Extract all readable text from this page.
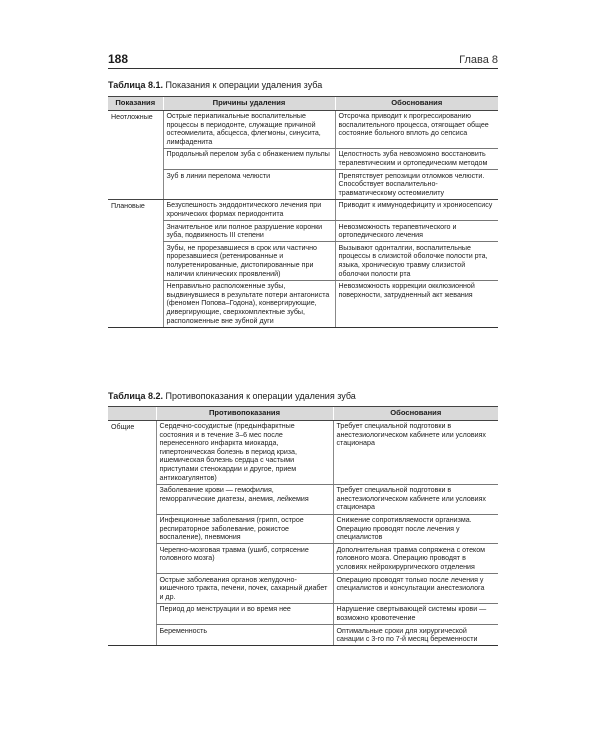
188	Глава 8
Таблица 8.1. Показания к операции удаления зуба
Показания	Причины удаления	Обоснования
Неотложные	Острые периапикальные воспалительные процессы в периодонте, служащие причиной остеомиелита, абсцесса, флегмоны, синусита, лимфаденита	Отсрочка приводит к прогрессированию воспалительного процесса, отягощает общее состояние больного вплоть до сепсиса
	Продольный перелом зуба с обнажением пульпы	Целостность зуба невозможно восстановить терапевтическим и ортопедическим методом
	Зуб в линии перелома челюсти	Препятствует репозиции отломков челюсти. Способствует воспалительно-травматическому остеомиелиту
Плановые	Безуспешность эндодонтического лечения при хронических формах периодонтита	Приводит к иммунодефициту и хрониосепсису
	Значительное или полное разрушение коронки зуба, подвижность III степени	Невозможность терапевтического и ортопедического лечения
	Зубы, не прорезавшиеся в срок или частично прорезавшиеся (ретенированные и полуретенированные, дистопированные при наличии клинических проявлений)	Вызывают одонталгии, воспалительные процессы в слизистой оболочке полости рта, языка, хроническую травму слизистой оболочки полости рта
	Неправильно расположенные зубы, выдвинувшиеся в результате потери антагониста (феномен Попова–Годона), конвергирующие, дивергирующие, сверхкомплектные зубы, расположенные вне зубной дуги	Невозможность коррекции окклюзионной поверхности, затрудненный акт жевания
Таблица 8.2. Противопоказания к операции удаления зуба
	Противопоказания	Обоснования
Общие	Сердечно-сосудистые (предынфарктные состояния и в течение 3–6 мес после перенесенного инфаркта миокарда, гипертоническая болезнь в период криза, ишемическая болезнь сердца с частыми приступами стенокардии и другое, прием антикоагулянтов)	Требует специальной подготовки в анестезиологическом кабинете или условиях стационара
	Заболевание крови — гемофилия, геморрагические диатезы, анемия, лейкемия	Требует специальной подготовки в анестезиологическом кабинете или условиях стационара
	Инфекционные заболевания (грипп, острое респираторное заболевание, рожистое воспаление), пневмония	Снижение сопротивляемости организма. Операцию проводят после лечения у специалистов
	Черепно-мозговая травма (ушиб, сотрясение головного мозга)	Дополнительная травма сопряжена с отеком головного мозга. Операцию проводят в условиях нейрохирургического отделения
	Острые заболевания органов желудочно-кишечного тракта, печени, почек, сахарный диабет и др.	Операцию проводят только после лечения у специалистов и консультации анестезиолога
	Период до менструации и во время нее	Нарушение свертывающей системы крови — возможно кровотечение
	Беременность	Оптимальные сроки для хирургической санации с 3-го по 7-й месяц беременности
